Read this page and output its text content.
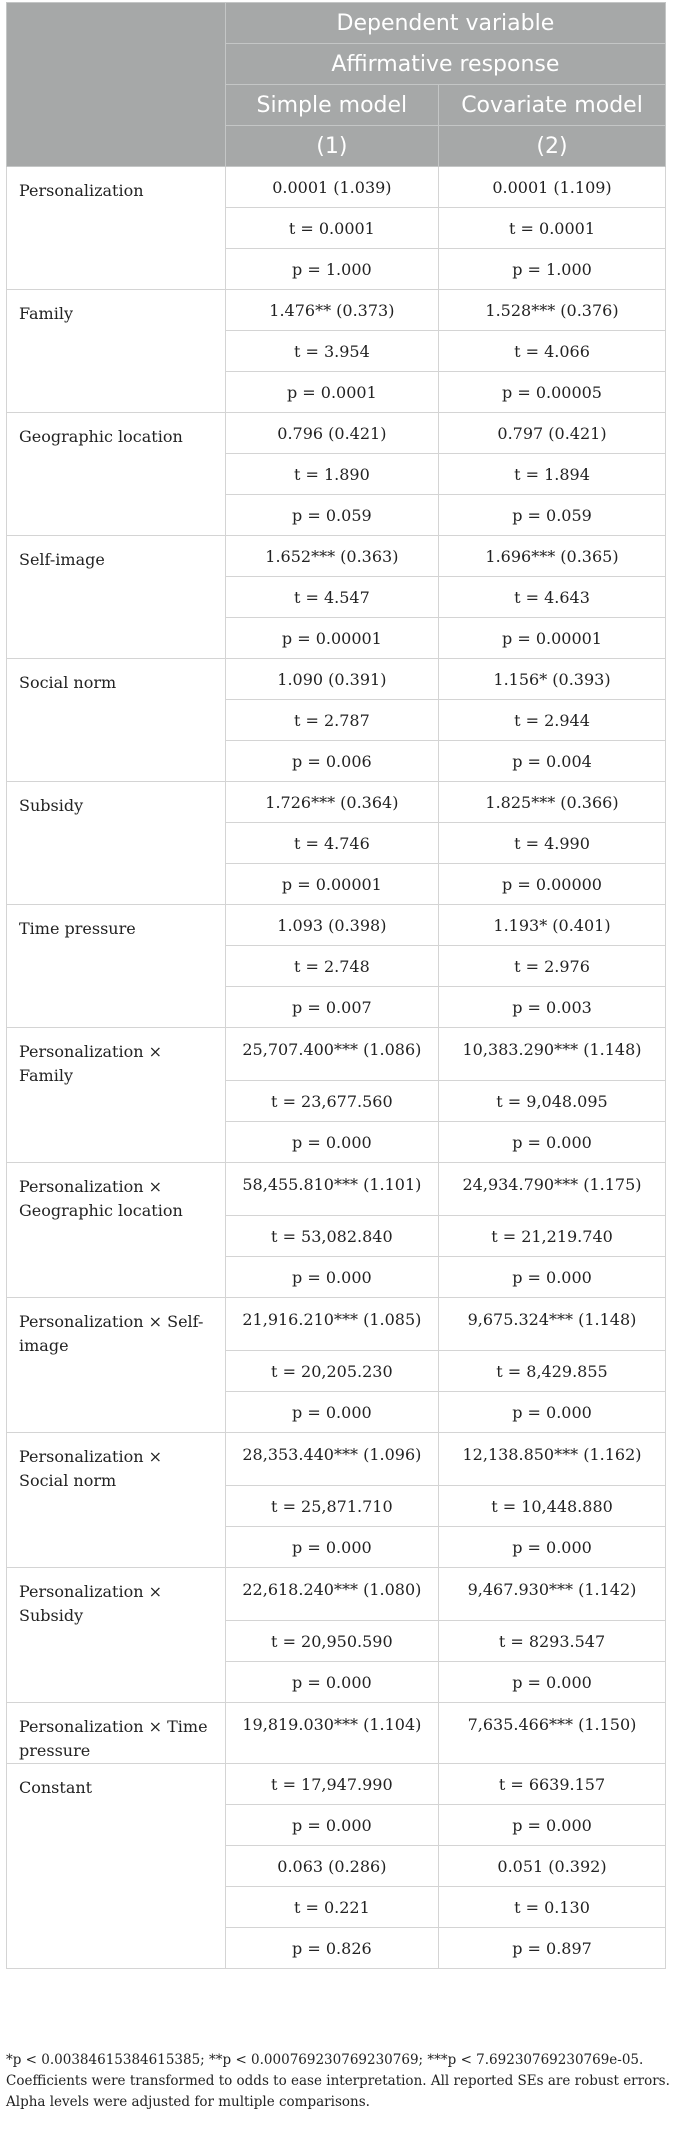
	Dependent variable	
	Affirmative response	
	Simple model	Covariate model
	(1)	(2)
Personalization	0.0001 (1.039)	0.0001 (1.109)
	t = 0.0001	t = 0.0001
	p = 1.000	p = 1.000
Family	1.476** (0.373)	1.528*** (0.376)
	t = 3.954	t = 4.066
	p = 0.0001	p = 0.00005
Geographic location	0.796 (0.421)	0.797 (0.421)
	t = 1.890	t = 1.894
	p = 0.059	p = 0.059
Self-image	1.652*** (0.363)	1.696*** (0.365)
	t = 4.547	t = 4.643
	p = 0.00001	p = 0.00001
Social norm	1.090 (0.391)	1.156* (0.393)
	t = 2.787	t = 2.944
	p = 0.006	p = 0.004
Subsidy	1.726*** (0.364)	1.825*** (0.366)
	t = 4.746	t = 4.990
	p = 0.00001	p = 0.00000
Time pressure	1.093 (0.398)	1.193* (0.401)
	t = 2.748	t = 2.976
	p = 0.007	p = 0.003
Personalization × Family	25,707.400*** (1.086)	10,383.290*** (1.148)
	t = 23,677.560	t = 9,048.095
	p = 0.000	p = 0.000
Personalization × Geographic location	58,455.810*** (1.101)	24,934.790*** (1.175)
	t = 53,082.840	t = 21,219.740
	p = 0.000	p = 0.000
Personalization × Self-image	21,916.210*** (1.085)	9,675.324*** (1.148)
	t = 20,205.230	t = 8,429.855
	p = 0.000	p = 0.000
Personalization × Social norm	28,353.440*** (1.096)	12,138.850*** (1.162)
	t = 25,871.710	t = 10,448.880
	p = 0.000	p = 0.000
Personalization × Subsidy	22,618.240*** (1.080)	9,467.930*** (1.142)
	t = 20,950.590	t = 8293.547
	p = 0.000	p = 0.000
Personalization × Time pressure	19,819.030*** (1.104)	7,635.466*** (1.150)
Constant	t = 17,947.990	t = 6639.157
	p = 0.000	p = 0.000
	0.063 (0.286)	0.051 (0.392)
	t = 0.221	t = 0.130
	p = 0.826	p = 0.897

*p < 0.00384615384615385; **p < 0.000769230769230769; ***p < 7.69230769230769e-05.

Coefficients were transformed to odds to ease interpretation. All reported SEs are robust errors. Alpha levels were adjusted for multiple comparisons.
